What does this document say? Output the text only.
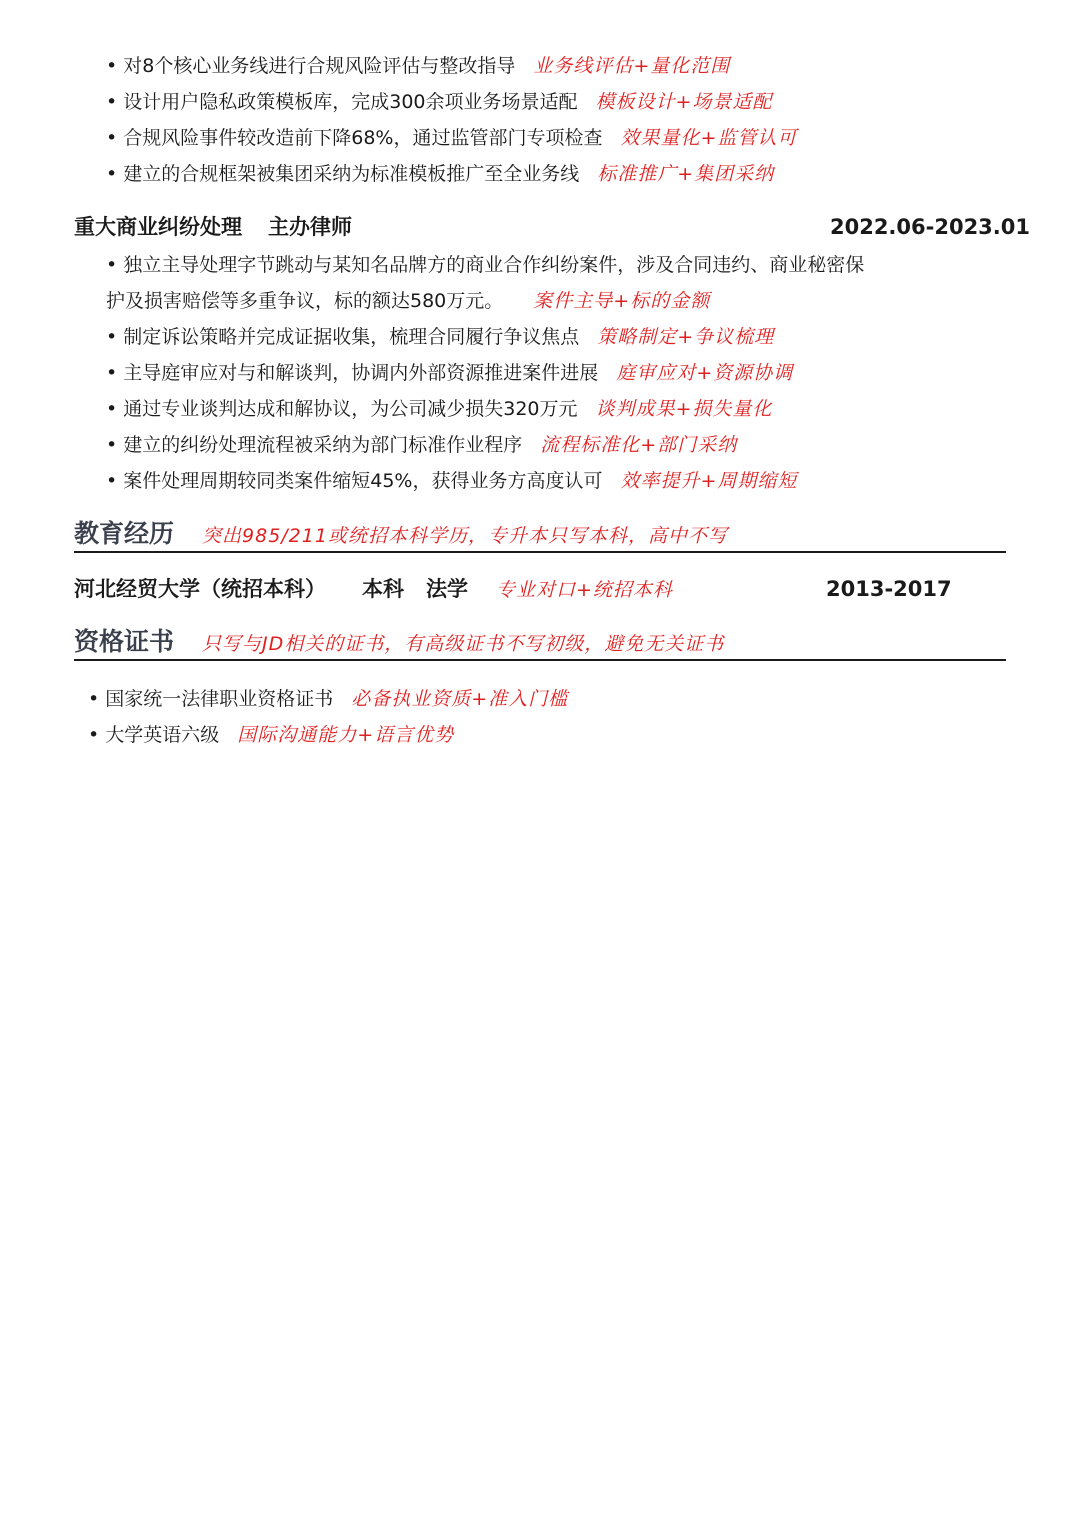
• 对8个核心业务线进行合规风险评估与整改指导 业务线评估+量化范围
• 设计用户隐私政策模板库，完成300余项业务场景适配 模板设计+场景适配
• 合规风险事件较改造前下降68%，通过监管部门专项检查 效果量化+监管认可
• 建立的合规框架被集团采纳为标准模板推广至全业务线 标准推广+集团采纳
重大商业纠纷处理 主办律师	2022.06-2023.01
• 独立主导处理字节跳动与某知名品牌方的商业合作纠纷案件，涉及合同违约、商业秘密保
护及损害赔偿等多重争议，标的额达580万元。 案件主导+标的金额
• 制定诉讼策略并完成证据收集，梳理合同履行争议焦点 策略制定+争议梳理
• 主导庭审应对与和解谈判，协调内外部资源推进案件进展 庭审应对+资源协调
• 通过专业谈判达成和解协议，为公司减少损失320万元 谈判成果+损失量化
• 建立的纠纷处理流程被采纳为部门标准作业程序 流程标准化+部门采纳
• 案件处理周期较同类案件缩短45%，获得业务方高度认可 效率提升+周期缩短
教育经历 突出985/211或统招本科学历，专升本只写本科，高中不写
河北经贸大学（统招本科） 本科 法学 专业对口+统招本科	2013-2017
资格证书 只写与JD相关的证书，有高级证书不写初级，避免无关证书
• 国家统一法律职业资格证书 必备执业资质+准入门槛
• 大学英语六级 国际沟通能力+语言优势
